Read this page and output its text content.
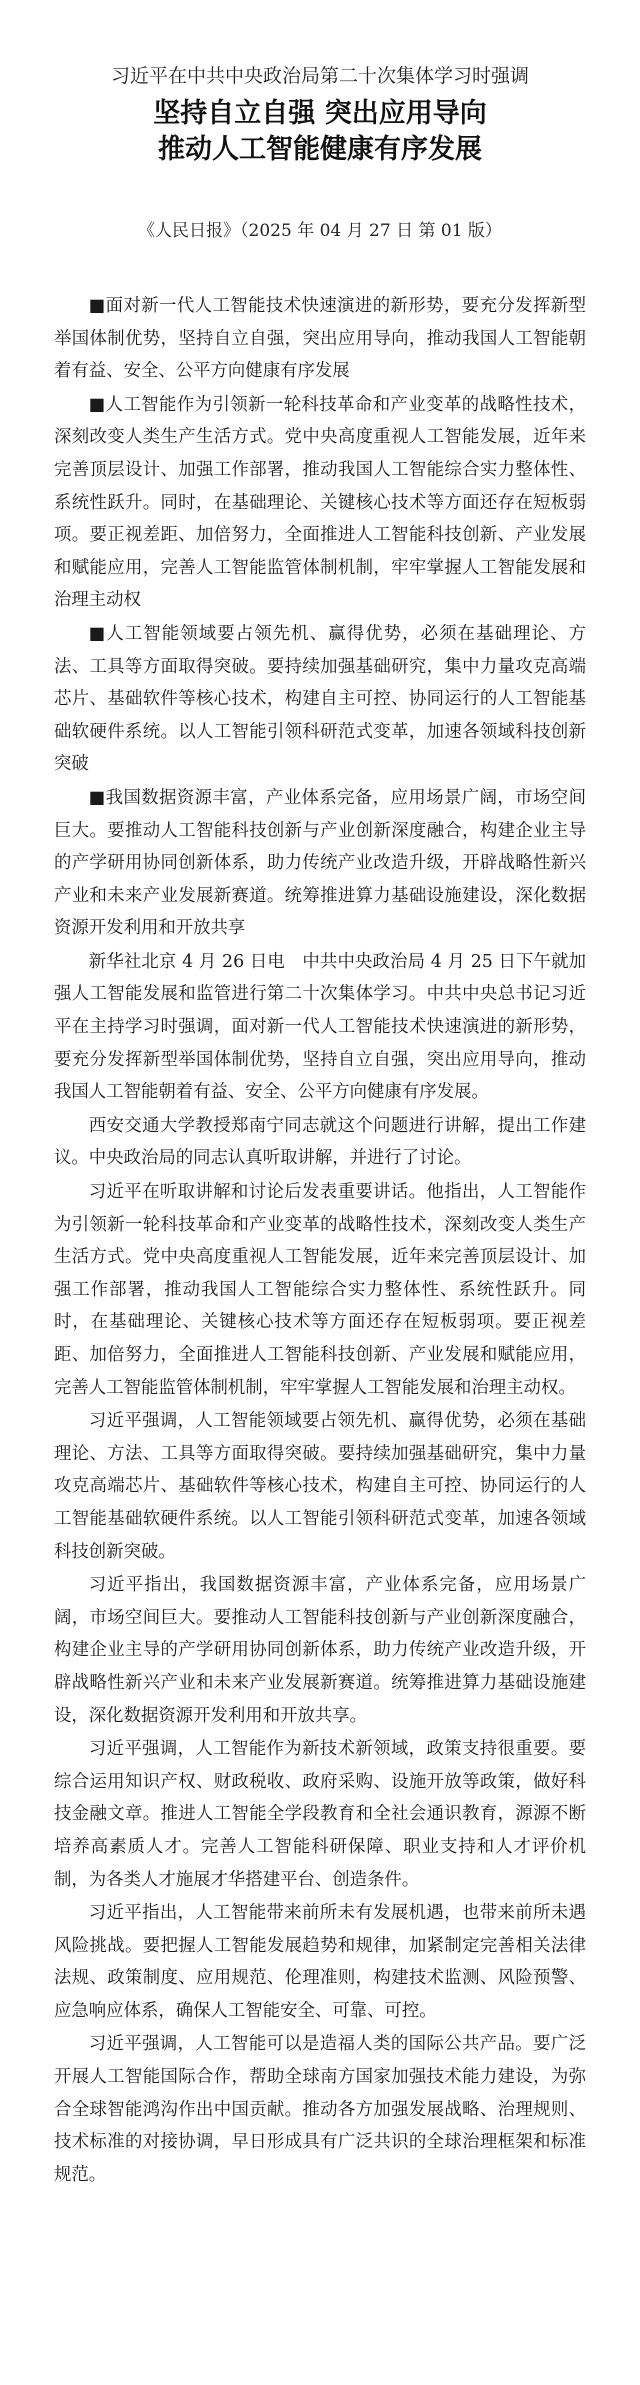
习近平在中共中央政治局第二十次集体学习时强调

坚持自立自强 突出应用导向
推动人工智能健康有序发展

《人民日报》（2025 年 04 月 27 日 第 01 版）

■面对新一代人工智能技术快速演进的新形势，要充分发挥新型举国体制优势，坚持自立自强，突出应用导向，推动我国人工智能朝着有益、安全、公平方向健康有序发展

■人工智能作为引领新一轮科技革命和产业变革的战略性技术，深刻改变人类生产生活方式。党中央高度重视人工智能发展，近年来完善顶层设计、加强工作部署，推动我国人工智能综合实力整体性、系统性跃升。同时，在基础理论、关键核心技术等方面还存在短板弱项。要正视差距、加倍努力，全面推进人工智能科技创新、产业发展和赋能应用，完善人工智能监管体制机制，牢牢掌握人工智能发展和治理主动权

■人工智能领域要占领先机、赢得优势，必须在基础理论、方法、工具等方面取得突破。要持续加强基础研究，集中力量攻克高端芯片、基础软件等核心技术，构建自主可控、协同运行的人工智能基础软硬件系统。以人工智能引领科研范式变革，加速各领域科技创新突破

■我国数据资源丰富，产业体系完备，应用场景广阔，市场空间巨大。要推动人工智能科技创新与产业创新深度融合，构建企业主导的产学研用协同创新体系，助力传统产业改造升级，开辟战略性新兴产业和未来产业发展新赛道。统筹推进算力基础设施建设，深化数据资源开发利用和开放共享

新华社北京 4 月 26 日电　中共中央政治局 4 月 25 日下午就加强人工智能发展和监管进行第二十次集体学习。中共中央总书记习近平在主持学习时强调，面对新一代人工智能技术快速演进的新形势，要充分发挥新型举国体制优势，坚持自立自强，突出应用导向，推动我国人工智能朝着有益、安全、公平方向健康有序发展。

西安交通大学教授郑南宁同志就这个问题进行讲解，提出工作建议。中央政治局的同志认真听取讲解，并进行了讨论。

习近平在听取讲解和讨论后发表重要讲话。他指出，人工智能作为引领新一轮科技革命和产业变革的战略性技术，深刻改变人类生产生活方式。党中央高度重视人工智能发展，近年来完善顶层设计、加强工作部署，推动我国人工智能综合实力整体性、系统性跃升。同时，在基础理论、关键核心技术等方面还存在短板弱项。要正视差距、加倍努力，全面推进人工智能科技创新、产业发展和赋能应用，完善人工智能监管体制机制，牢牢掌握人工智能发展和治理主动权。

习近平强调，人工智能领域要占领先机、赢得优势，必须在基础理论、方法、工具等方面取得突破。要持续加强基础研究，集中力量攻克高端芯片、基础软件等核心技术，构建自主可控、协同运行的人工智能基础软硬件系统。以人工智能引领科研范式变革，加速各领域科技创新突破。

习近平指出，我国数据资源丰富，产业体系完备，应用场景广阔，市场空间巨大。要推动人工智能科技创新与产业创新深度融合，构建企业主导的产学研用协同创新体系，助力传统产业改造升级，开辟战略性新兴产业和未来产业发展新赛道。统筹推进算力基础设施建设，深化数据资源开发利用和开放共享。

习近平强调，人工智能作为新技术新领域，政策支持很重要。要综合运用知识产权、财政税收、政府采购、设施开放等政策，做好科技金融文章。推进人工智能全学段教育和全社会通识教育，源源不断培养高素质人才。完善人工智能科研保障、职业支持和人才评价机制，为各类人才施展才华搭建平台、创造条件。

习近平指出，人工智能带来前所未有发展机遇，也带来前所未遇风险挑战。要把握人工智能发展趋势和规律，加紧制定完善相关法律法规、政策制度、应用规范、伦理准则，构建技术监测、风险预警、应急响应体系，确保人工智能安全、可靠、可控。

习近平强调，人工智能可以是造福人类的国际公共产品。要广泛开展人工智能国际合作，帮助全球南方国家加强技术能力建设，为弥合全球智能鸿沟作出中国贡献。推动各方加强发展战略、治理规则、技术标准的对接协调，早日形成具有广泛共识的全球治理框架和标准规范。
